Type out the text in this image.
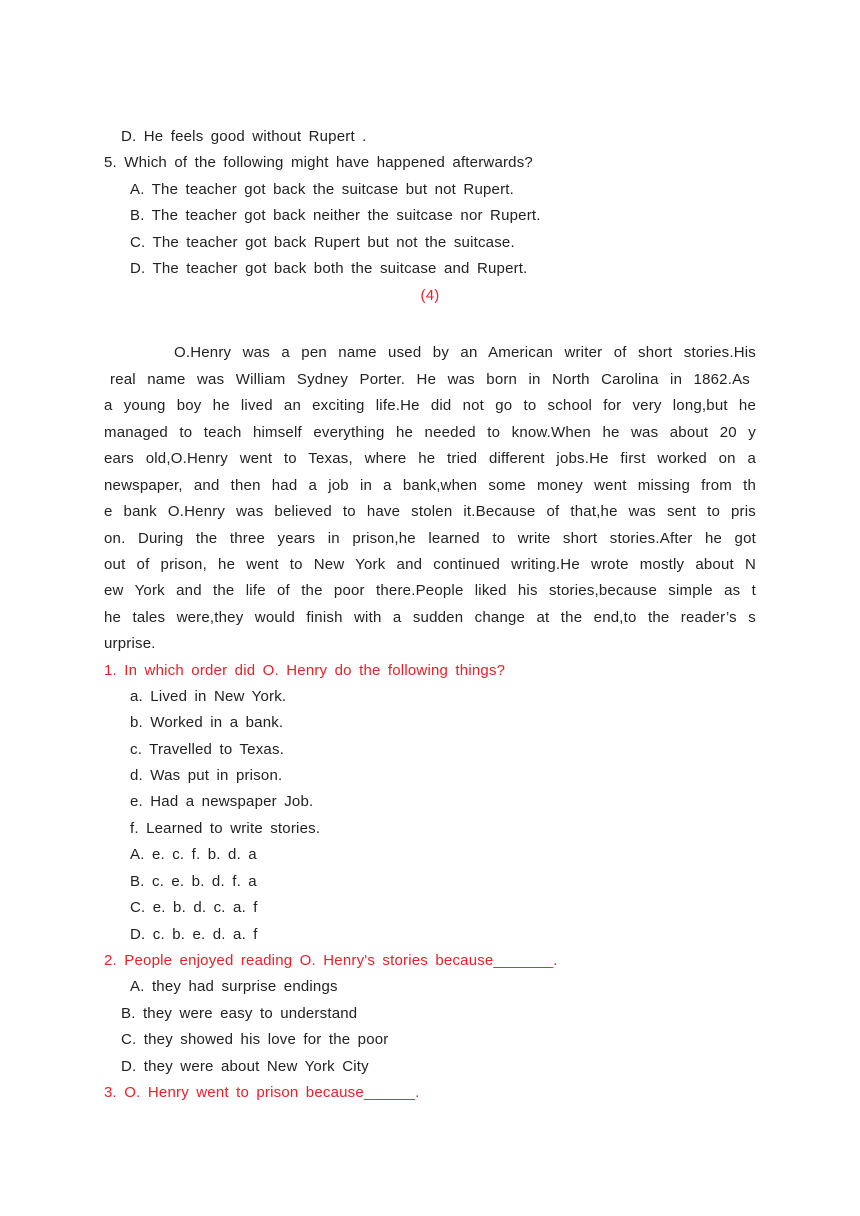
D. He feels good without Rupert .
5. Which of the following might have happened afterwards?
A. The teacher got back the suitcase but not Rupert.
B. The teacher got back neither the suitcase nor Rupert.
C. The teacher got back Rupert but not the suitcase.
D. The teacher got back both the suitcase and Rupert.
(4)
O.Henry was a pen name used by an American writer of short stories.His
real name was William Sydney Porter. He was born in North Carolina in 1862.As
a young boy he lived an exciting life.He did not go to school for very long,but he
managed to teach himself everything he needed to know.When he was about 20 y
ears old,O.Henry went to Texas, where he tried different jobs.He first worked on a
newspaper, and then had a job in a bank,when some money went missing from th
e bank O.Henry was believed to have stolen it.Because of that,he was sent to pris
on. During the three years in prison,he learned to write short stories.After he got
out of prison, he went to New York and continued writing.He wrote mostly about N
ew York and the life of the poor there.People liked his stories,because simple as t
he tales were,they would finish with a sudden change at the end,to the reader’s s
urprise.
1. In which order did O. Henry do the following things?
a. Lived in New York.
b. Worked in a bank.
c. Travelled to Texas.
d. Was put in prison.
e. Had a newspaper Job.
f. Learned to write stories.
A. e. c. f. b. d. a
B. c. e. b. d. f. a
C. e. b. d. c. a. f
D. c. b. e. d. a. f
2. People enjoyed reading O. Henry's stories because_______.
A. they had surprise endings
B. they were easy to understand
C. they showed his love for the poor
D. they were about New York City
3. O. Henry went to prison because______.
